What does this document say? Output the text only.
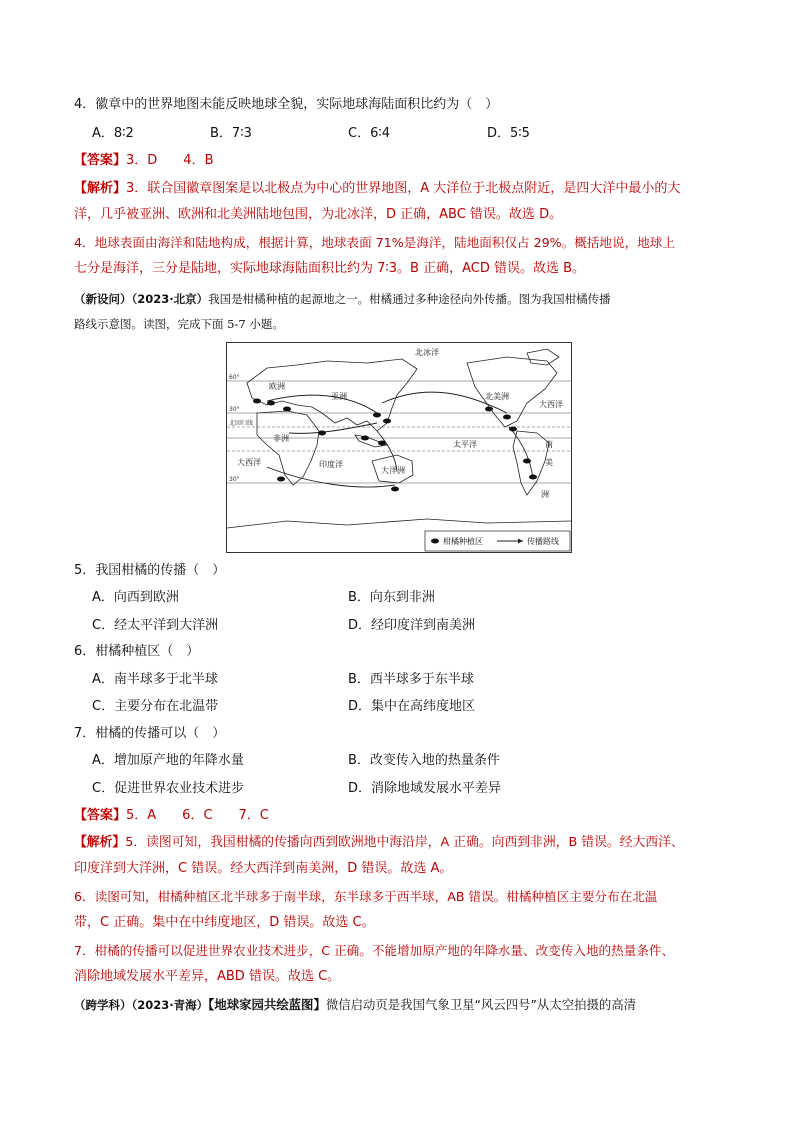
4．徽章中的世界地图未能反映地球全貌，实际地球海陆面积比约为（　）
A．8∶2	B．7∶3	C．6∶4	D．5∶5
【答案】3．D　　4．B
【解析】3．联合国徽章图案是以北极点为中心的世界地图，A 大洋位于北极点附近，是四大洋中最小的大
洋，几乎被亚洲、欧洲和北美洲陆地包围，为北冰洋，D 正确，ABC 错误。故选 D。
4．地球表面由海洋和陆地构成，根据计算，地球表面 71%是海洋，陆地面积仅占 29%。概括地说，地球上
七分是海洋，三分是陆地，实际地球海陆面积比约为 7∶3。B 正确，ACD 错误。故选 B。
（新设问）（2023·北京）我国是柑橘种植的起源地之一。柑橘通过多种途径向外传播。图为我国柑橘传播
路线示意图。读图，完成下面 5-7 小题。
北冰洋
欧洲
亚洲	北美洲
大西洋
非洲
太平洋
印度洋
大西洋
大洋洲
南
美
洲
60°
30°
北回归线
30°
柑橘种植区	传播路线
5．我国柑橘的传播（　）
A．向西到欧洲	B．向东到非洲
C．经太平洋到大洋洲	D．经印度洋到南美洲
6．柑橘种植区（　）
A．南半球多于北半球	B．西半球多于东半球
C．主要分布在北温带	D．集中在高纬度地区
7．柑橘的传播可以（　）
A．增加原产地的年降水量	B．改变传入地的热量条件
C．促进世界农业技术进步	D．消除地域发展水平差异
【答案】5．A　　6．C　　7．C
【解析】5．读图可知，我国柑橘的传播向西到欧洲地中海沿岸，A 正确。向西到非洲，B 错误。经大西洋、
印度洋到大洋洲，C 错误。经大西洋到南美洲，D 错误。故选 A。
6．读图可知，柑橘种植区北半球多于南半球，东半球多于西半球，AB 错误。柑橘种植区主要分布在北温
带，C 正确。集中在中纬度地区，D 错误。故选 C。
7．柑橘的传播可以促进世界农业技术进步，C 正确。不能增加原产地的年降水量、改变传入地的热量条件、
消除地域发展水平差异，ABD 错误。故选 C。
（跨学科）（2023·青海）【地球家园共绘蓝图】微信启动页是我国气象卫星“风云四号”从太空拍摄的高清
